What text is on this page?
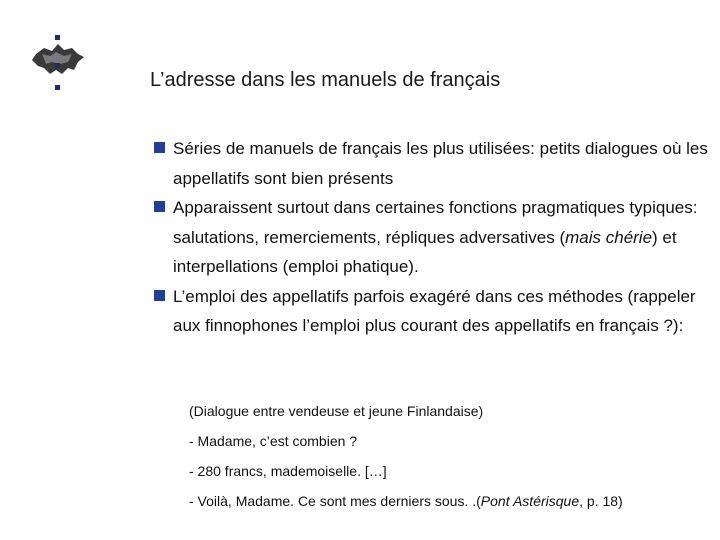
L’adresse dans les manuels de français
Séries de manuels de français les plus utilisées: petits dialogues où les appellatifs sont bien présents
Apparaissent surtout dans certaines fonctions pragmatiques typiques: salutations, remerciements, répliques adversatives (mais chérie) et interpellations (emploi phatique).
L’emploi des appellatifs parfois exagéré dans ces méthodes (rappeler aux finnophones l’emploi plus courant des appellatifs en français ?):
(Dialogue entre vendeuse et jeune Finlandaise)
- Madame, c’est combien ?
- 280 francs, mademoiselle. […]
- Voilà, Madame. Ce sont mes derniers sous. .(Pont Astérisque, p. 18)
